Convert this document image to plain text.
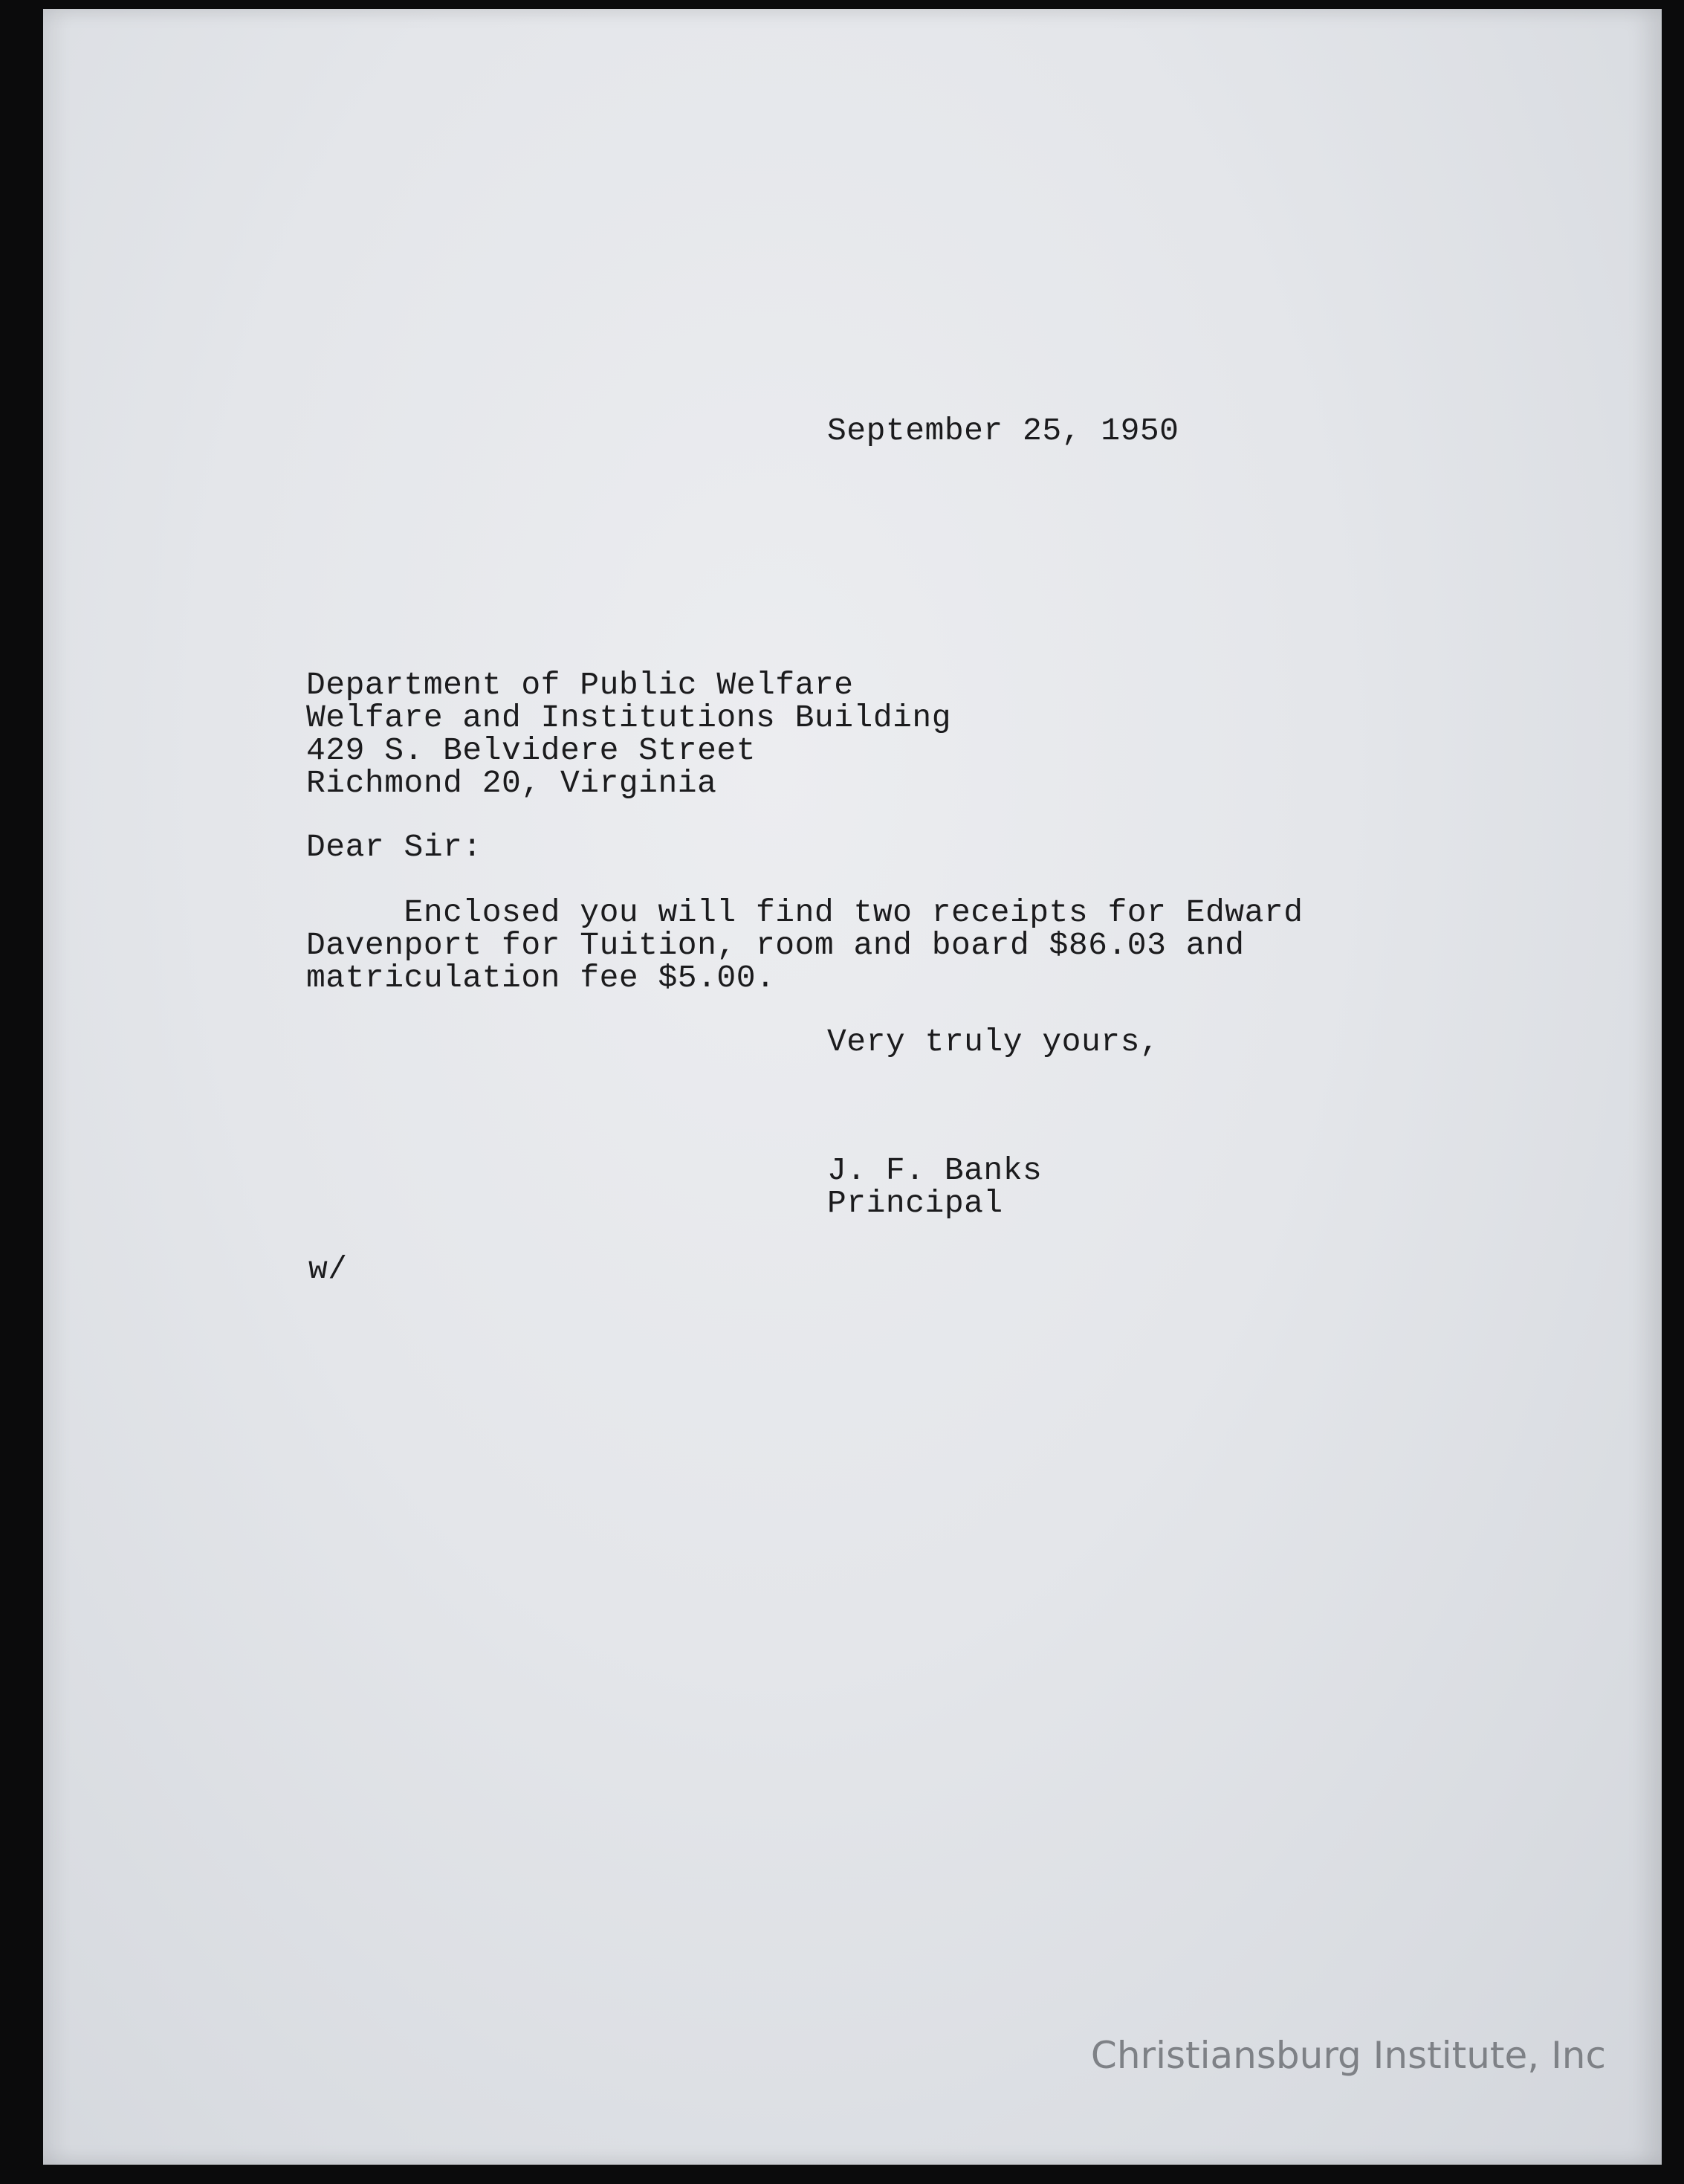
September 25, 1950
Department of Public Welfare
Welfare and Institutions Building
429 S. Belvidere Street
Richmond 20, Virginia
Dear Sir:
Enclosed you will find two receipts for Edward
Davenport for Tuition, room and board $86.03 and
matriculation fee $5.00.
Very truly yours,
J. F. Banks
Principal
w/
Christiansburg Institute, Inc
